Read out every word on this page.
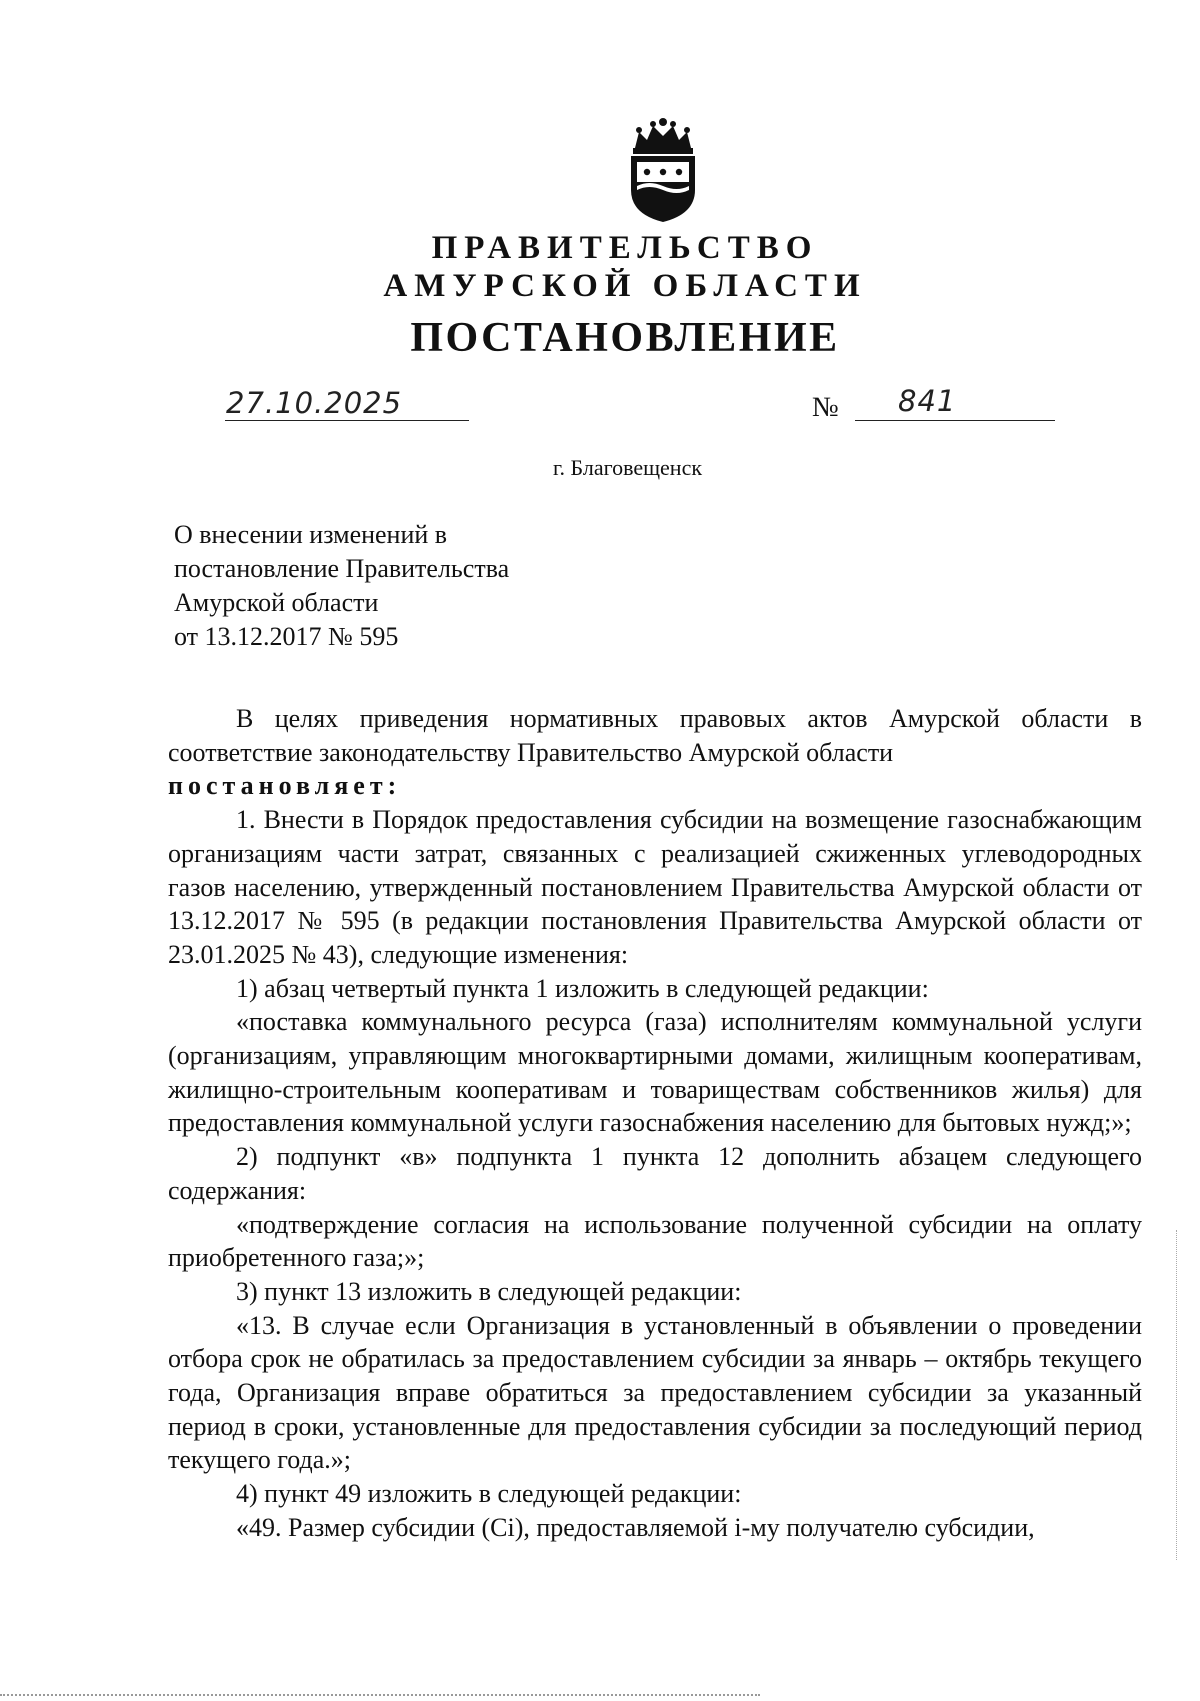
ПРАВИТЕЛЬСТВО
АМУРСКОЙ ОБЛАСТИ
ПОСТАНОВЛЕНИЕ
27.10.2025	№ 841
г. Благовещенск
О внесении изменений в
постановление Правительства
Амурской области
от 13.12.2017 № 595

В целях приведения нормативных правовых актов Амурской области в соответствие законодательству Правительство Амурской области

постановляет:

1. Внести в Порядок предоставления субсидии на возмещение газоснабжающим организациям части затрат, связанных с реализацией сжиженных углеводородных газов населению, утвержденный постановлением Правительства Амурской области от 13.12.2017 № 595 (в редакции постановления Правительства Амурской области от 23.01.2025 № 43), следующие изменения:

1) абзац четвертый пункта 1 изложить в следующей редакции:

«поставка коммунального ресурса (газа) исполнителям коммунальной услуги (организациям, управляющим многоквартирными домами, жилищным кооперативам, жилищно-строительным кооперативам и товариществам собственников жилья) для предоставления коммунальной услуги газоснабжения населению для бытовых нужд;»;

2) подпункт «в» подпункта 1 пункта 12 дополнить абзацем следующего содержания:

«подтверждение согласия на использование полученной субсидии на оплату приобретенного газа;»;

3) пункт 13 изложить в следующей редакции:

«13. В случае если Организация в установленный в объявлении о проведении отбора срок не обратилась за предоставлением субсидии за январь – октябрь текущего года, Организация вправе обратиться за предоставлением субсидии за указанный период в сроки, установленные для предоставления субсидии за последующий период текущего года.»;

4) пункт 49 изложить в следующей редакции:

«49. Размер субсидии (Ci), предоставляемой i-му получателю субсидии,
